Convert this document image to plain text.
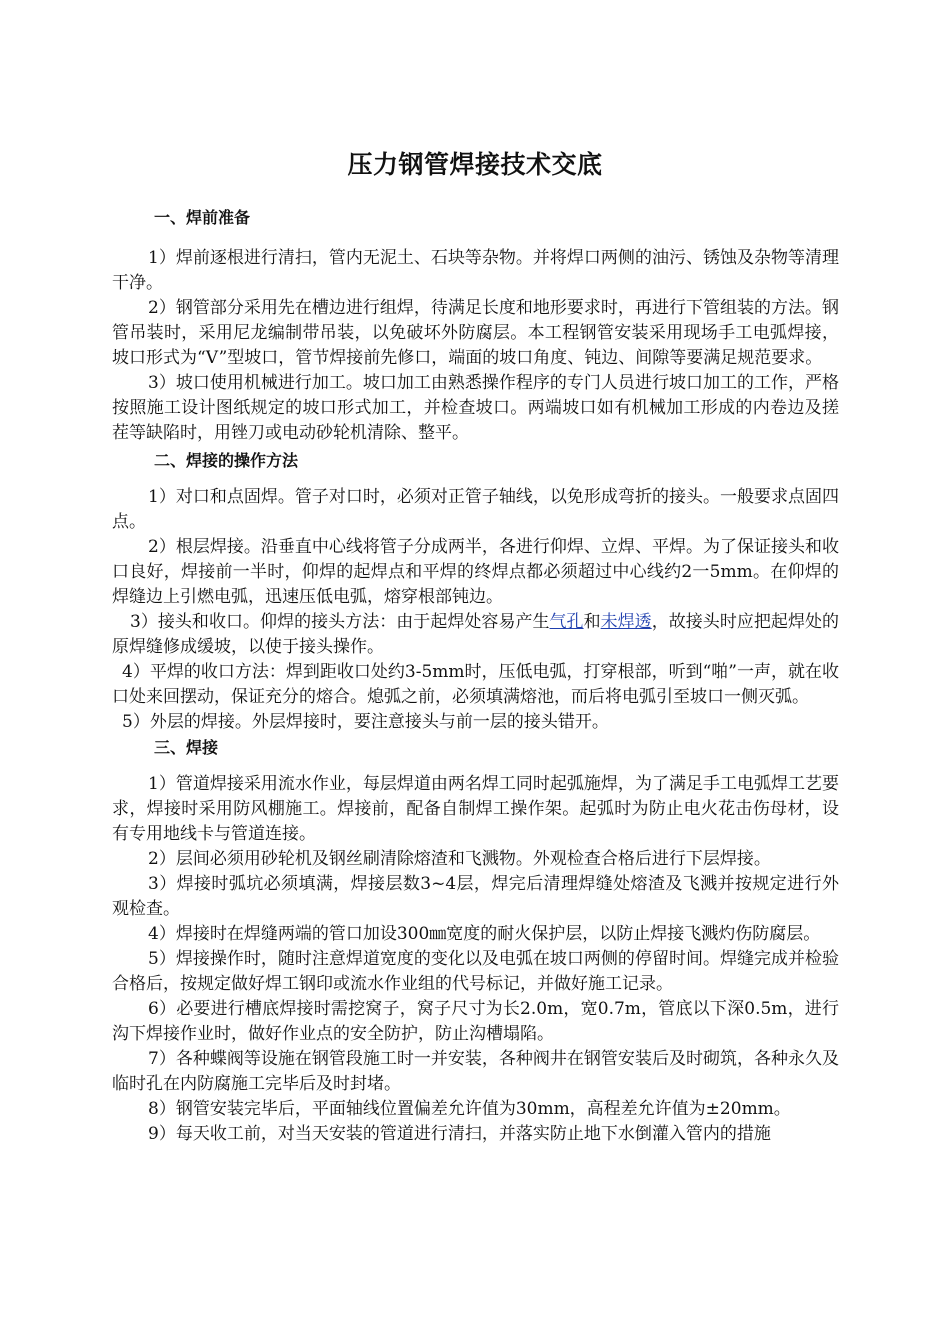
压力钢管焊接技术交底
一、焊前准备

1）焊前逐根进行清扫，管内无泥土、石块等杂物。并将焊口两侧的油污、锈蚀及杂物等清理干净。

2）钢管部分采用先在槽边进行组焊，待满足长度和地形要求时，再进行下管组装的方法。钢管吊装时，采用尼龙编制带吊装，以免破坏外防腐层。本工程钢管安装采用现场手工电弧焊接，坡口形式为“V”型坡口，管节焊接前先修口，端面的坡口角度、钝边、间隙等要满足规范要求。

3）坡口使用机械进行加工。坡口加工由熟悉操作程序的专门人员进行坡口加工的工作，严格按照施工设计图纸规定的坡口形式加工，并检查坡口。两端坡口如有机械加工形成的内卷边及搓茬等缺陷时，用锉刀或电动砂轮机清除、整平。

二、焊接的操作方法

1）对口和点固焊。管子对口时，必须对正管子轴线，以免形成弯折的接头。一般要求点固四点。

2）根层焊接。沿垂直中心线将管子分成两半，各进行仰焊、立焊、平焊。为了保证接头和收口良好，焊接前一半时，仰焊的起焊点和平焊的终焊点都必须超过中心线约2一5mm。在仰焊的焊缝边上引燃电弧，迅速压低电弧，熔穿根部钝边。

3）接头和收口。仰焊的接头方法：由于起焊处容易产生气孔和未焊透，故接头时应把起焊处的原焊缝修成缓坡，以使于接头操作。

4）平焊的收口方法：焊到距收口处约3-5mm时，压低电弧，打穿根部，听到“啪”一声，就在收口处来回摆动，保证充分的熔合。熄弧之前，必须填满熔池，而后将电弧引至坡口一侧灭弧。

5）外层的焊接。外层焊接时，要注意接头与前一层的接头错开。

三、焊接

1）管道焊接采用流水作业，每层焊道由两名焊工同时起弧施焊，为了满足手工电弧焊工艺要求，焊接时采用防风棚施工。焊接前，配备自制焊工操作架。起弧时为防止电火花击伤母材，设有专用地线卡与管道连接。

2）层间必须用砂轮机及钢丝刷清除熔渣和飞溅物。外观检查合格后进行下层焊接。

3）焊接时弧坑必须填满，焊接层数3~4层，焊完后清理焊缝处熔渣及飞溅并按规定进行外观检查。

4）焊接时在焊缝两端的管口加设300㎜宽度的耐火保护层，以防止焊接飞溅灼伤防腐层。

5）焊接操作时，随时注意焊道宽度的变化以及电弧在坡口两侧的停留时间。焊缝完成并检验合格后，按规定做好焊工钢印或流水作业组的代号标记，并做好施工记录。

6）必要进行槽底焊接时需挖窝子，窝子尺寸为长2.0m，宽0.7m，管底以下深0.5m，进行沟下焊接作业时，做好作业点的安全防护，防止沟槽塌陷。

7）各种蝶阀等设施在钢管段施工时一并安装，各种阀井在钢管安装后及时砌筑，各种永久及临时孔在内防腐施工完毕后及时封堵。

8）钢管安装完毕后，平面轴线位置偏差允许值为30mm，高程差允许值为±20mm。

9）每天收工前，对当天安装的管道进行清扫，并落实防止地下水倒灌入管内的措施
